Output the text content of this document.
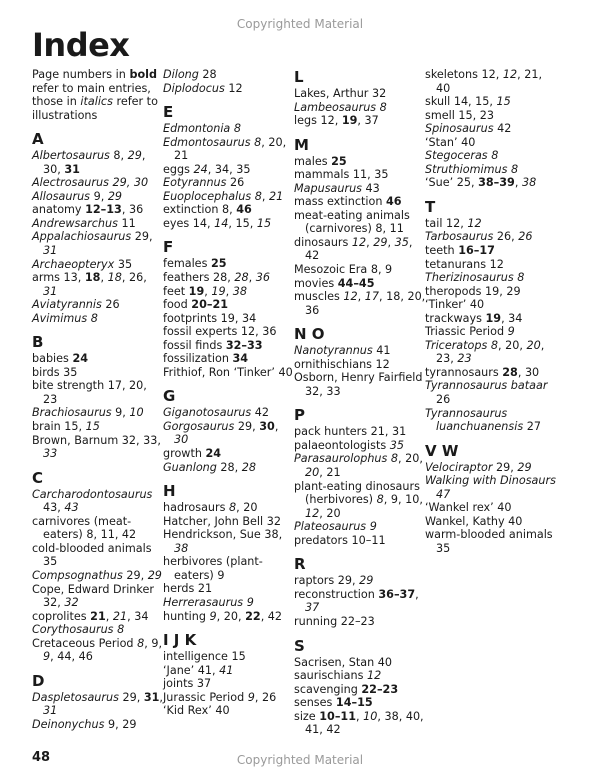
Copyrighted Material
Index
Page numbers in bold refer to main entries, those in italics refer to illustrations
A
Albertosaurus 8, 29, 30, 31
Alectrosaurus 29, 30
Allosaurus 9, 29
anatomy 12–13, 36
Andrewsarchus 11
Appalachiosaurus 29, 31
Archaeopteryx 35
arms 13, 18, 18, 26, 31
Aviatyrannis 26
Avimimus 8
B
babies 24
birds 35
bite strength 17, 20, 23
Brachiosaurus 9, 10
brain 15, 15
Brown, Barnum 32, 33, 33
C
Carcharodontosaurus 43, 43
carnivores (meat-eaters) 8, 11, 42
cold-blooded animals 35
Compsognathus 29, 29
Cope, Edward Drinker 32, 32
coprolites 21, 21, 34
Corythosaurus 8
Cretaceous Period 8, 9, 9, 44, 46
D
Daspletosaurus 29, 31, 31
Deinonychus 9, 29
Dilong 28
Diplodocus 12
E
Edmontonia 8
Edmontosaurus 8, 20, 21
eggs 24, 34, 35
Eotyrannus 26
Euoplocephalus 8, 21
extinction 8, 46
eyes 14, 14, 15, 15
F
females 25
feathers 28, 28, 36
feet 19, 19, 38
food 20–21
footprints 19, 34
fossil experts 12, 36
fossil finds 32–33
fossilization 34
Frithiof, Ron ‘Tinker’ 40
G
Giganotosaurus 42
Gorgosaurus 29, 30, 30
growth 24
Guanlong 28, 28
H
hadrosaurs 8, 20
Hatcher, John Bell 32
Hendrickson, Sue 38, 38
herbivores (plant-eaters) 9
herds 21
Herrerasaurus 9
hunting 9, 20, 22, 42
I J K
intelligence 15
‘Jane’ 41, 41
joints 37
Jurassic Period 9, 26
‘Kid Rex’ 40
L
Lakes, Arthur 32
Lambeosaurus 8
legs 12, 19, 37
M
males 25
mammals 11, 35
Mapusaurus 43
mass extinction 46
meat-eating animals (carnivores) 8, 11
dinosaurs 12, 29, 35, 42
Mesozoic Era 8, 9
movies 44–45
muscles 12, 17, 18, 20, 36
N O
Nanotyrannus 41
ornithischians 12
Osborn, Henry Fairfield 32, 33
P
pack hunters 21, 31
palaeontologists 35
Parasaurolophus 8, 20, 20, 21
plant-eating dinosaurs (herbivores) 8, 9, 10, 12, 20
Plateosaurus 9
predators 10–11
R
raptors 29, 29
reconstruction 36–37, 37
running 22–23
S
Sacrisen, Stan 40
saurischians 12
scavenging 22–23
senses 14–15
size 10–11, 10, 38, 40, 41, 42
skeletons 12, 12, 21, 40
skull 14, 15, 15
smell 15, 23
Spinosaurus 42
‘Stan’ 40
Stegoceras 8
Struthiomimus 8
‘Sue’ 25, 38–39, 38
T
tail 12, 12
Tarbosaurus 26, 26
teeth 16–17
tetanurans 12
Therizinosaurus 8
theropods 19, 29
‘Tinker’ 40
trackways 19, 34
Triassic Period 9
Triceratops 8, 20, 20, 23, 23
tyrannosaurs 28, 30
Tyrannosaurus bataar 26
Tyrannosaurus luanchuanensis 27
V W
Velociraptor 29, 29
Walking with Dinosaurs 47
‘Wankel rex’ 40
Wankel, Kathy 40
warm-blooded animals 35
48	Copyrighted Material
